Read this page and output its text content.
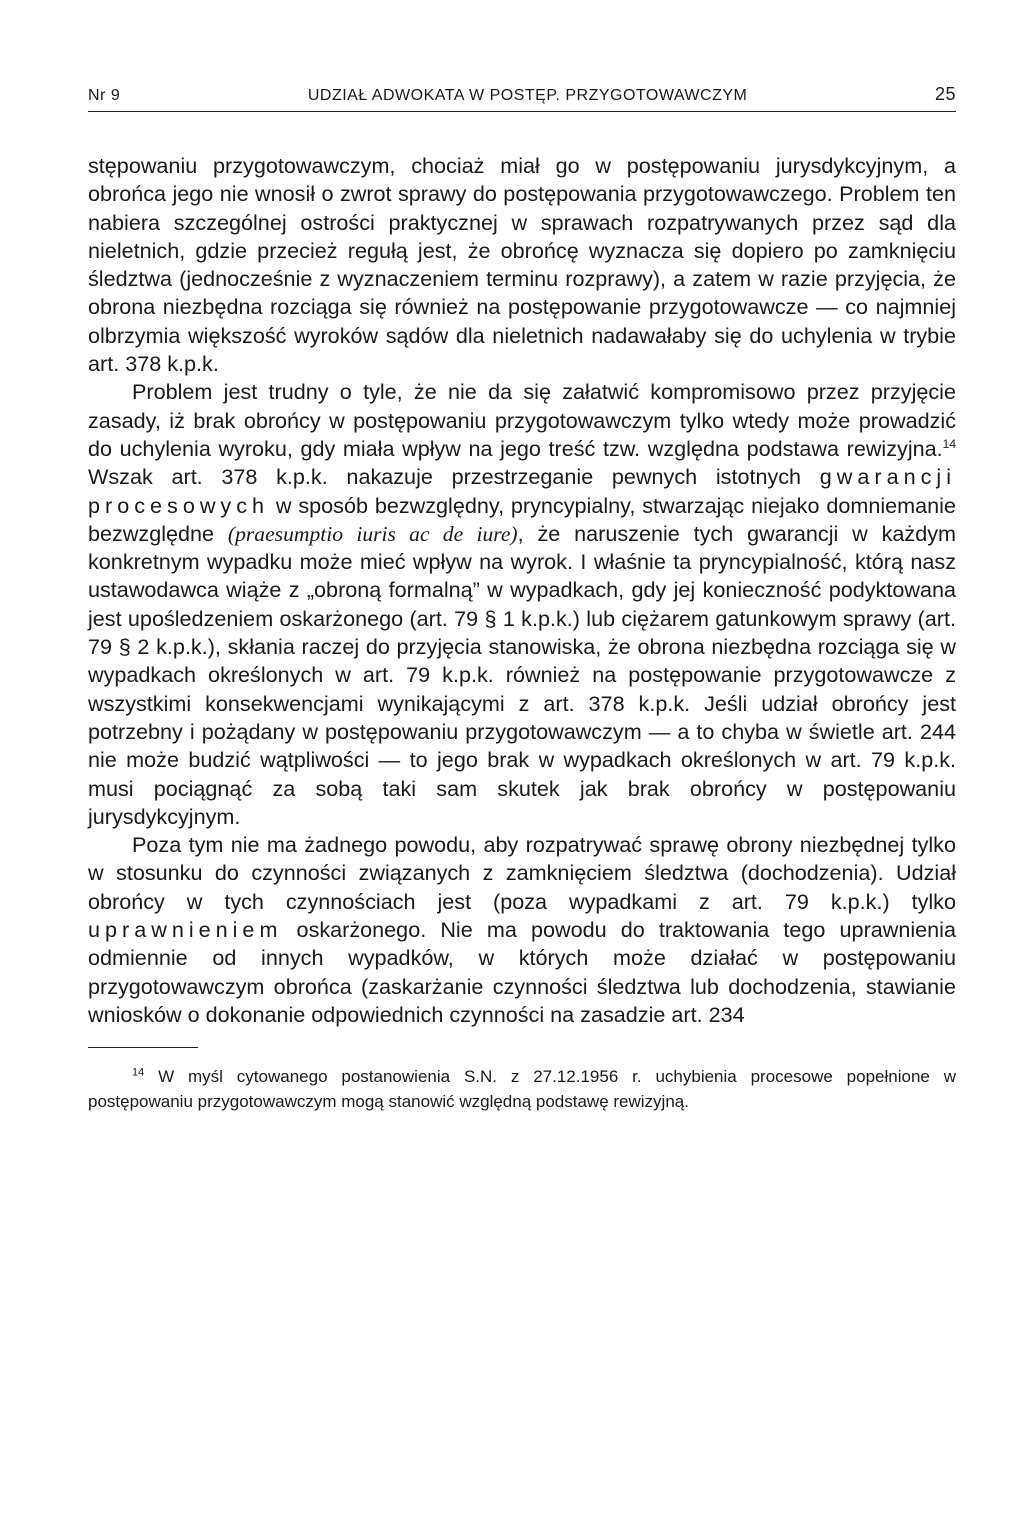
Nr 9	UDZIAŁ ADWOKATA W POSTĘP. PRZYGOTOWAWCZYM	25

stępowaniu przygotowawczym, chociaż miał go w postępowaniu jurysdykcyjnym, a obrońca jego nie wnosił o zwrot sprawy do postępowania przygotowawczego. Problem ten nabiera szczególnej ostrości praktycznej w sprawach rozpatrywanych przez sąd dla nieletnich, gdzie przecież regułą jest, że obrońcę wyznacza się dopiero po zamknięciu śledztwa (jednocześnie z wyznaczeniem terminu rozprawy), a zatem w razie przyjęcia, że obrona niezbędna rozciąga się również na postępowanie przygotowawcze — co najmniej olbrzymia większość wyroków sądów dla nieletnich nadawałaby się do uchylenia w trybie art. 378 k.p.k.

Problem jest trudny o tyle, że nie da się załatwić kompromisowo przez przyjęcie zasady, iż brak obrońcy w postępowaniu przygotowawczym tylko wtedy może prowadzić do uchylenia wyroku, gdy miała wpływ na jego treść tzw. względna podstawa rewizyjna.$^{14}$ Wszak art. 378 k.p.k. nakazuje przestrzeganie pewnych istotnych gwarancji procesowych w sposób bezwzględny, pryncypialny, stwarzając niejako domniemanie bezwzględne (praesumptio iuris ac de iure), że naruszenie tych gwarancji w każdym konkretnym wypadku może mieć wpływ na wyrok. I właśnie ta pryncypialność, którą nasz ustawodawca wiąże z „obroną formalną” w wypadkach, gdy jej konieczność podyktowana jest upośledzeniem oskarżonego (art. 79 § 1 k.p.k.) lub ciężarem gatunkowym sprawy (art. 79 § 2 k.p.k.), skłania raczej do przyjęcia stanowiska, że obrona niezbędna rozciąga się w wypadkach określonych w art. 79 k.p.k. również na postępowanie przygotowawcze z wszystkimi konsekwencjami wynikającymi z art. 378 k.p.k. Jeśli udział obrońcy jest potrzebny i pożądany w postępowaniu przygotowawczym — a to chyba w świetle art. 244 nie może budzić wątpliwości — to jego brak w wypadkach określonych w art. 79 k.p.k. musi pociągnąć za sobą taki sam skutek jak brak obrońcy w postępowaniu jurysdykcyjnym.

Poza tym nie ma żadnego powodu, aby rozpatrywać sprawę obrony niezbędnej tylko w stosunku do czynności związanych z zamknięciem śledztwa (dochodzenia). Udział obrońcy w tych czynnościach jest (poza wypadkami z art. 79 k.p.k.) tylko uprawnieniem oskarżonego. Nie ma powodu do traktowania tego uprawnienia odmiennie od innych wypadków, w których może działać w postępowaniu przygotowawczym obrońca (zaskarżanie czynności śledztwa lub dochodzenia, stawianie wniosków o dokonanie odpowiednich czynności na zasadzie art. 234

$^{14}$ W myśl cytowanego postanowienia S.N. z 27.12.1956 r. uchybienia procesowe popełnione w postępowaniu przygotowawczym mogą stanowić względną podstawę rewizyjną.
